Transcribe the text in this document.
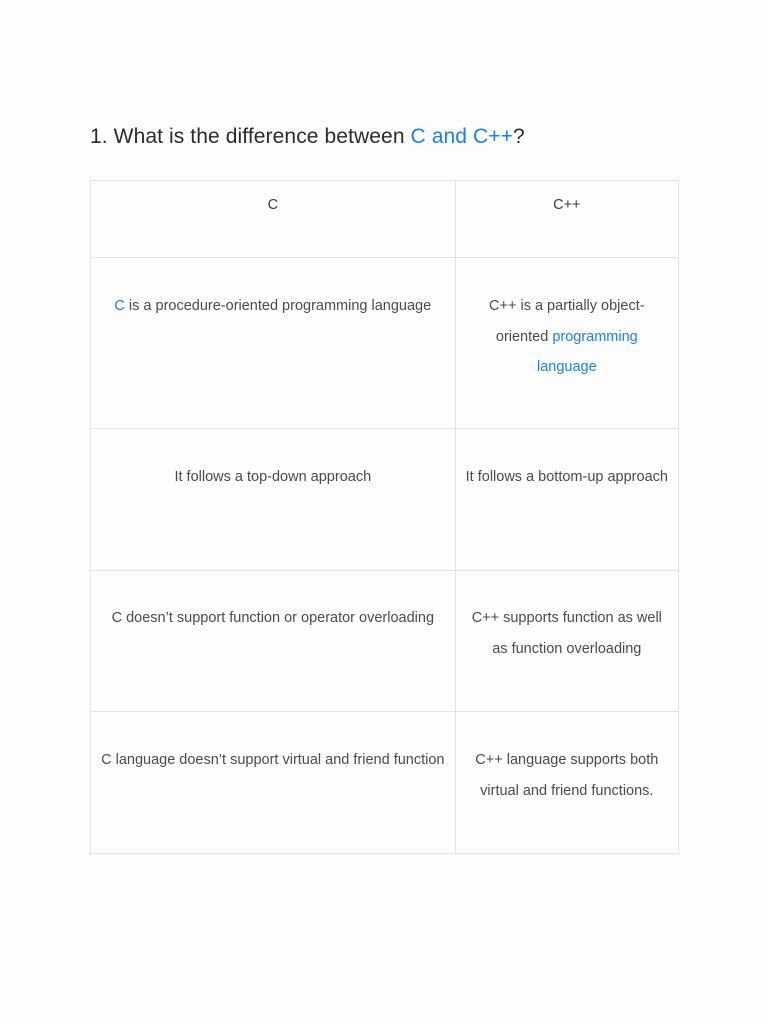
1. What is the difference between C and C++?
C	C++
C is a procedure-oriented programming language	C++ is a partially object-oriented programming language
It follows a top-down approach	It follows a bottom-up approach
C doesn’t support function or operator overloading	C++ supports function as well as function overloading
C language doesn’t support virtual and friend function	C++ language supports both virtual and friend functions.
